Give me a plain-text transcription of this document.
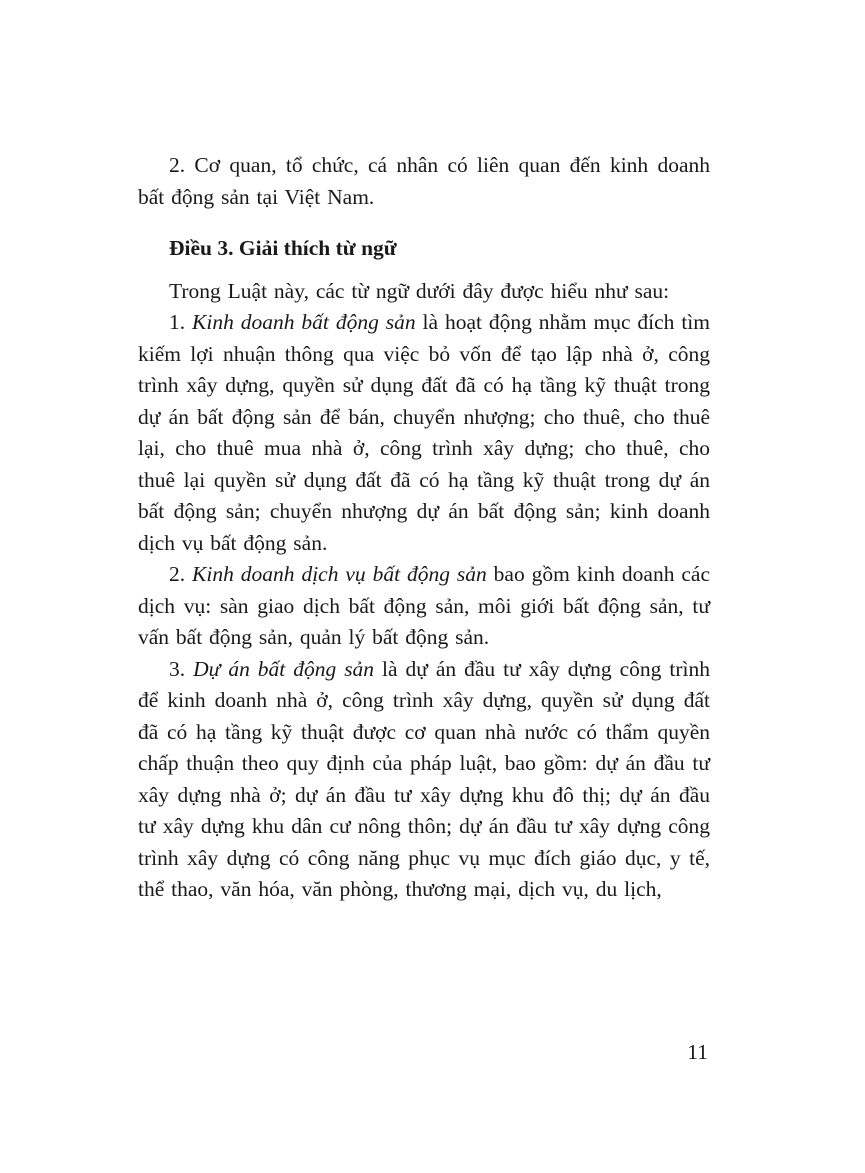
2. Cơ quan, tổ chức, cá nhân có liên quan đến kinh doanh bất động sản tại Việt Nam.

Điều 3. Giải thích từ ngữ

Trong Luật này, các từ ngữ dưới đây được hiểu như sau:

1. Kinh doanh bất động sản là hoạt động nhằm mục đích tìm kiếm lợi nhuận thông qua việc bỏ vốn để tạo lập nhà ở, công trình xây dựng, quyền sử dụng đất đã có hạ tầng kỹ thuật trong dự án bất động sản để bán, chuyển nhượng; cho thuê, cho thuê lại, cho thuê mua nhà ở, công trình xây dựng; cho thuê, cho thuê lại quyền sử dụng đất đã có hạ tầng kỹ thuật trong dự án bất động sản; chuyển nhượng dự án bất động sản; kinh doanh dịch vụ bất động sản.

2. Kinh doanh dịch vụ bất động sản bao gồm kinh doanh các dịch vụ: sàn giao dịch bất động sản, môi giới bất động sản, tư vấn bất động sản, quản lý bất động sản.

3. Dự án bất động sản là dự án đầu tư xây dựng công trình để kinh doanh nhà ở, công trình xây dựng, quyền sử dụng đất đã có hạ tầng kỹ thuật được cơ quan nhà nước có thẩm quyền chấp thuận theo quy định của pháp luật, bao gồm: dự án đầu tư xây dựng nhà ở; dự án đầu tư xây dựng khu đô thị; dự án đầu tư xây dựng khu dân cư nông thôn; dự án đầu tư xây dựng công trình xây dựng có công năng phục vụ mục đích giáo dục, y tế, thể thao, văn hóa, văn phòng, thương mại, dịch vụ, du lịch,

11
